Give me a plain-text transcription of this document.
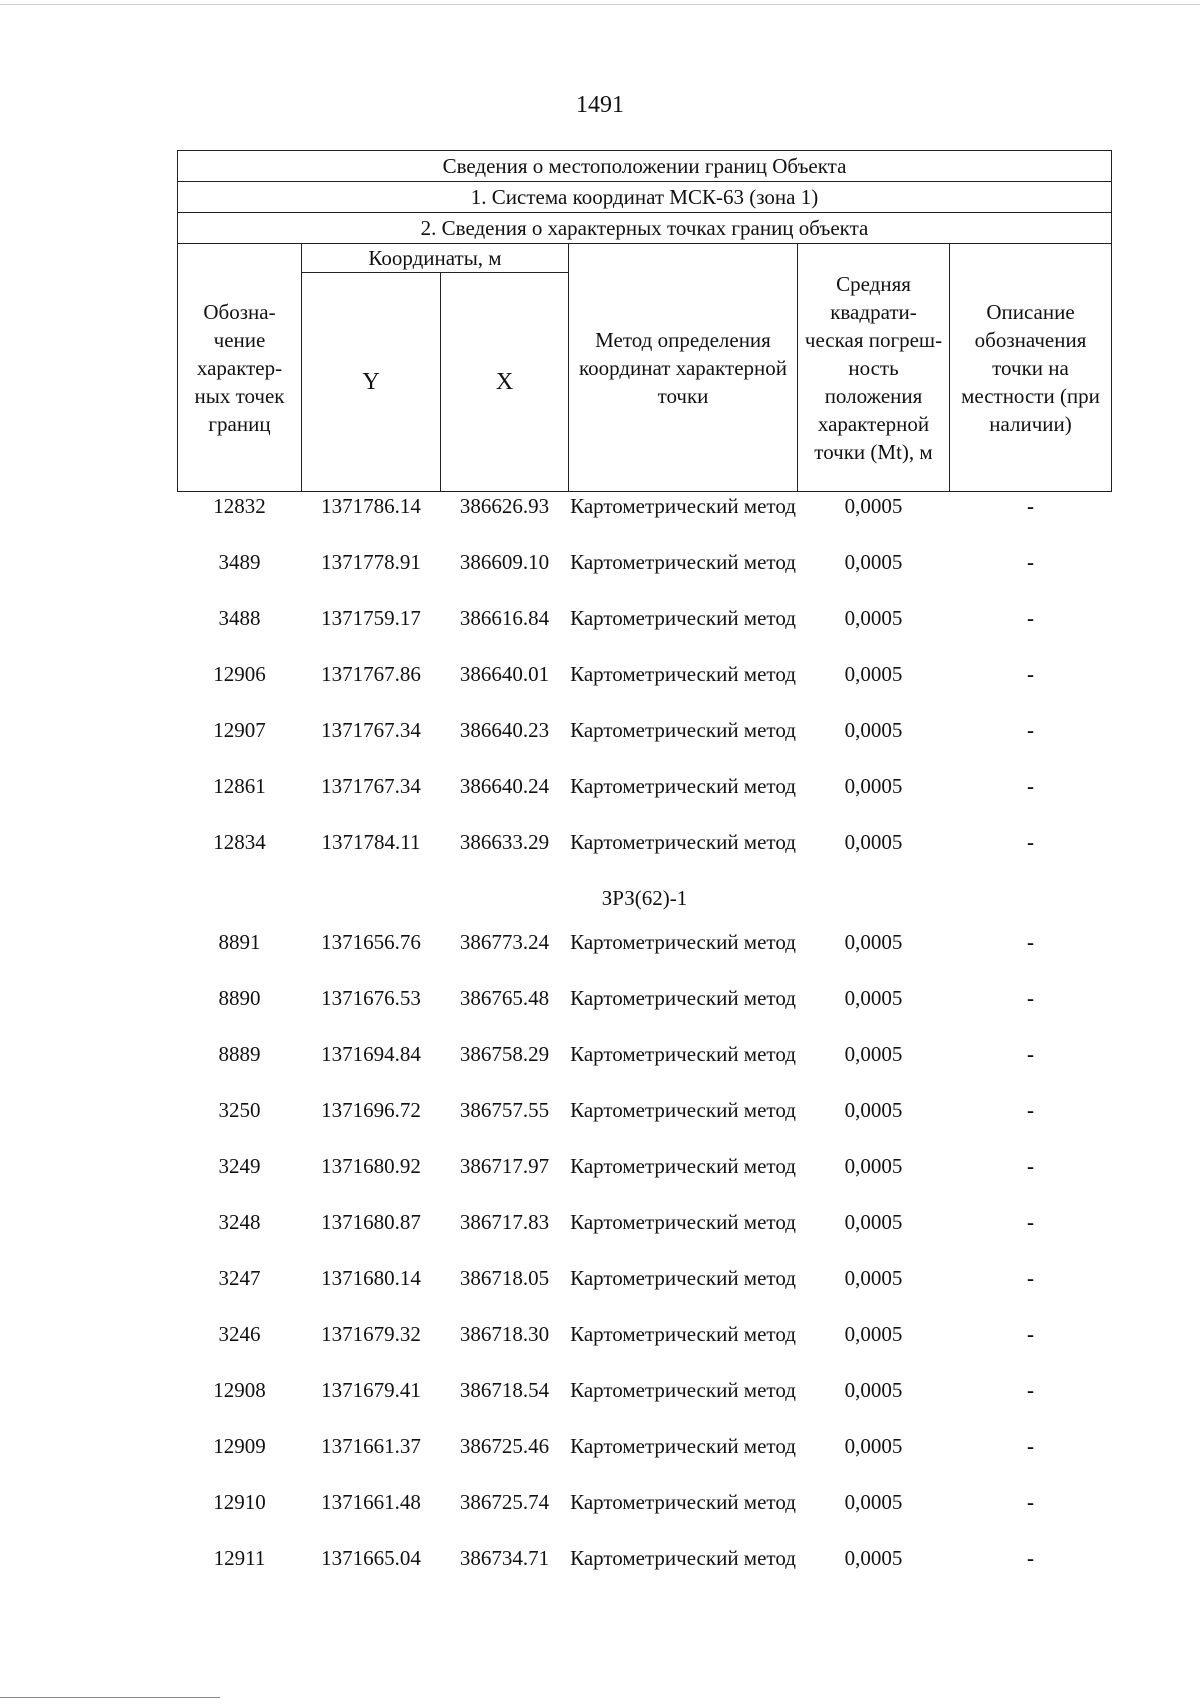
1491
Сведения о местоположении границ Объекта					
1. Система координат МСК-63 (зона 1)					
2. Сведения о характерных точках границ объекта					
Обозна-чение характер-ных точек границ	Координаты, м		Метод определения координат характерной точки	Средняя квадрати-ческая погреш-ность положения характерной точки (Mt), м	Описание обозначения точки на местности (при наличии)
	Y	X			
12832	1371786.14	386626.93	Картометрический метод	0,0005	-
3489	1371778.91	386609.10	Картометрический метод	0,0005	-
3488	1371759.17	386616.84	Картометрический метод	0,0005	-
12906	1371767.86	386640.01	Картометрический метод	0,0005	-
12907	1371767.34	386640.23	Картометрический метод	0,0005	-
12861	1371767.34	386640.24	Картометрический метод	0,0005	-
12834	1371784.11	386633.29	Картометрический метод	0,0005	-
ЗРЗ(62)-1					
8891	1371656.76	386773.24	Картометрический метод	0,0005	-
8890	1371676.53	386765.48	Картометрический метод	0,0005	-
8889	1371694.84	386758.29	Картометрический метод	0,0005	-
3250	1371696.72	386757.55	Картометрический метод	0,0005	-
3249	1371680.92	386717.97	Картометрический метод	0,0005	-
3248	1371680.87	386717.83	Картометрический метод	0,0005	-
3247	1371680.14	386718.05	Картометрический метод	0,0005	-
3246	1371679.32	386718.30	Картометрический метод	0,0005	-
12908	1371679.41	386718.54	Картометрический метод	0,0005	-
12909	1371661.37	386725.46	Картометрический метод	0,0005	-
12910	1371661.48	386725.74	Картометрический метод	0,0005	-
12911	1371665.04	386734.71	Картометрический метод	0,0005	-
